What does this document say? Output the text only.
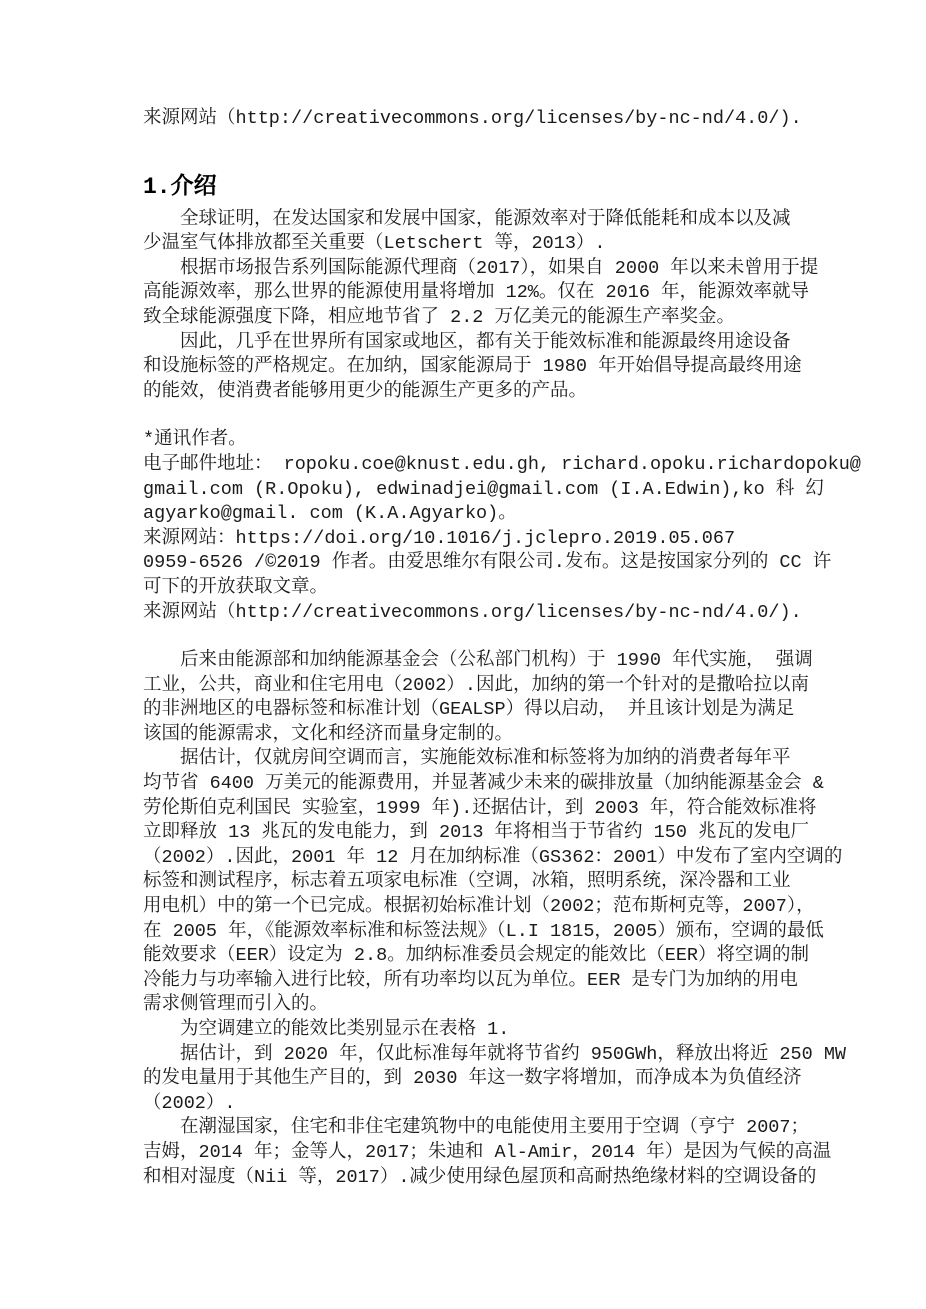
来源网站（http://creativecommons.org/licenses/by-nc-nd/4.0/).
1.介绍
全球证明，在发达国家和发展中国家，能源效率对于降低能耗和成本以及减
少温室气体排放都至关重要（Letschert 等，2013）.
根据市场报告系列国际能源代理商（2017），如果自 2000 年以来未曾用于提
高能源效率，那么世界的能源使用量将增加 12%。仅在 2016 年，能源效率就导
致全球能源强度下降，相应地节省了 2.2 万亿美元的能源生产率奖金。
因此，几乎在世界所有国家或地区，都有关于能效标准和能源最终用途设备
和设施标签的严格规定。在加纳，国家能源局于 1980 年开始倡导提高最终用途
的能效，使消费者能够用更少的能源生产更多的产品。
*通讯作者。
电子邮件地址： ropoku.coe@knust.edu.gh, richard.opoku.richardopoku@
gmail.com (R.Opoku), edwinadjei@gmail.com (I.A.Edwin),ko 科 幻
agyarko@gmail. com (K.A.Agyarko)。
来源网站：https://doi.org/10.1016/j.jclepro.2019.05.067
0959-6526 /©2019 作者。由爱思维尔有限公司.发布。这是按国家分列的 CC 许
可下的开放获取文章。
来源网站（http://creativecommons.org/licenses/by-nc-nd/4.0/).
后来由能源部和加纳能源基金会（公私部门机构）于 1990 年代实施， 强调
工业，公共，商业和住宅用电（2002）.因此，加纳的第一个针对的是撒哈拉以南
的非洲地区的电器标签和标准计划（GEALSP）得以启动， 并且该计划是为满足
该国的能源需求，文化和经济而量身定制的。
据估计，仅就房间空调而言，实施能效标准和标签将为加纳的消费者每年平
均节省 6400 万美元的能源费用，并显著减少未来的碳排放量（加纳能源基金会 &
劳伦斯伯克利国民 实验室，1999 年).还据估计，到 2003 年，符合能效标准将
立即释放 13 兆瓦的发电能力，到 2013 年将相当于节省约 150 兆瓦的发电厂
（2002）.因此，2001 年 12 月在加纳标准（GS362：2001）中发布了室内空调的
标签和测试程序，标志着五项家电标准（空调，冰箱，照明系统，深冷器和工业
用电机）中的第一个已完成。根据初始标准计划（2002；范布斯柯克等，2007），
在 2005 年，《能源效率标准和标签法规》（L.I 1815，2005）颁布，空调的最低
能效要求（EER）设定为 2.8。加纳标准委员会规定的能效比（EER）将空调的制
冷能力与功率输入进行比较，所有功率均以瓦为单位。EER 是专门为加纳的用电
需求侧管理而引入的。
为空调建立的能效比类别显示在表格 1.
据估计，到 2020 年，仅此标准每年就将节省约 950GWh，释放出将近 250 MW
的发电量用于其他生产目的，到 2030 年这一数字将增加，而净成本为负值经济
（2002）.
在潮湿国家，住宅和非住宅建筑物中的电能使用主要用于空调（亨宁 2007；
吉姆，2014 年；金等人，2017；朱迪和 Al-Amir，2014 年）是因为气候的高温
和相对湿度（Nii 等，2017）.减少使用绿色屋顶和高耐热绝缘材料的空调设备的
